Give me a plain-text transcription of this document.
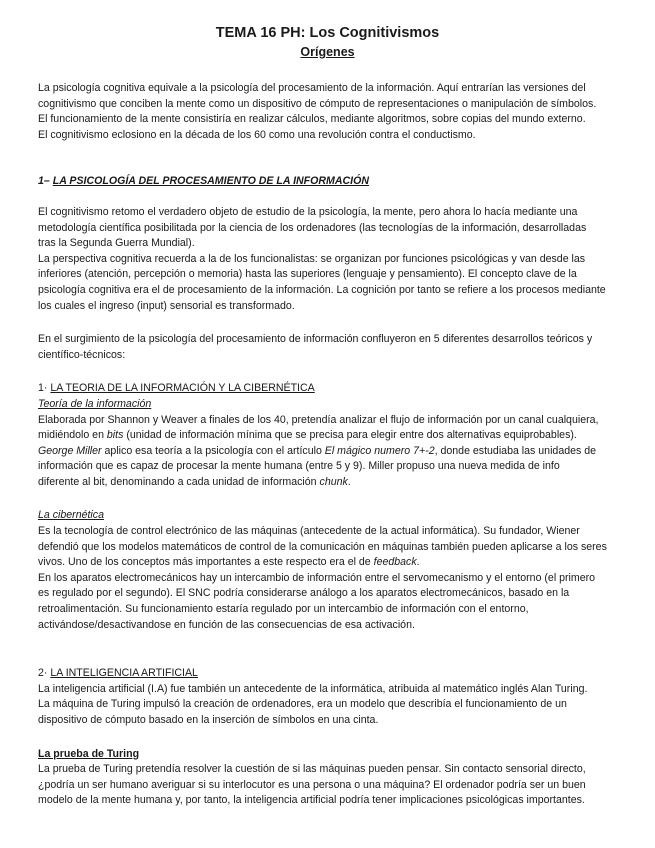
TEMA 16 PH: Los Cognitivismos
Orígenes

La psicología cognitiva equivale a la psicología del procesamiento de la información. Aquí entrarían las versiones del

cognitivismo que conciben la mente como un dispositivo de cómputo de representaciones o manipulación de símbolos.

El funcionamiento de la mente consistiría en realizar cálculos, mediante algoritmos, sobre copias del mundo externo.

El cognitivismo eclosiono en la década de los 60 como una revolución contra el conductismo.

1– LA PSICOLOGÍA DEL PROCESAMIENTO DE LA INFORMACIÓN

El cognitivismo retomo el verdadero objeto de estudio de la psicología, la mente, pero ahora lo hacía mediante una

metodología científica posibilitada por la ciencia de los ordenadores (las tecnologías de la información, desarrolladas

tras la Segunda Guerra Mundial).

La perspectiva cognitiva recuerda a la de los funcionalistas: se organizan por funciones psicológicas y van desde las

inferiores (atención, percepción o memoria) hasta las superiores (lenguaje y pensamiento). El concepto clave de la

psicología cognitiva era el de procesamiento de la información. La cognición por tanto se refiere a los procesos mediante

los cuales el ingreso (input) sensorial es transformado.

En el surgimiento de la psicología del procesamiento de información confluyeron en 5 diferentes desarrollos teóricos y

científico-técnicos:

1· LA TEORIA DE LA INFORMACIÓN Y LA CIBERNÉTICA
Teoría de la información

Elaborada por Shannon y Weaver a finales de los 40, pretendía analizar el flujo de información por un canal cualquiera,

midiéndolo en bits (unidad de información mínima que se precisa para elegir entre dos alternativas equiprobables).

George Miller aplico esa teoría a la psicología con el artículo El mágico numero 7+-2, donde estudiaba las unidades de

información que es capaz de procesar la mente humana (entre 5 y 9). Miller propuso una nueva medida de info

diferente al bit, denominando a cada unidad de información chunk.

La cibernética

Es la tecnología de control electrónico de las máquinas (antecedente de la actual informática). Su fundador, Wiener

defendió que los modelos matemáticos de control de la comunicación en máquinas también pueden aplicarse a los seres

vivos. Uno de los conceptos más importantes a este respecto era el de feedback.

En los aparatos electromecánicos hay un intercambio de información entre el servomecanismo y el entorno (el primero

es regulado por el segundo). El SNC podría considerarse análogo a los aparatos electromecánicos, basado en la

retroalimentación. Su funcionamiento estaría regulado por un intercambio de información con el entorno,

activándose/desactivandose en función de las consecuencias de esa activación.

2· LA INTELIGENCIA ARTIFICIAL

La inteligencia artificial (I.A) fue también un antecedente de la informática, atribuida al matemático inglés Alan Turing.

La máquina de Turing impulsó la creación de ordenadores, era un modelo que describía el funcionamiento de un

dispositivo de cómputo basado en la inserción de símbolos en una cinta.

La prueba de Turing

La prueba de Turing pretendía resolver la cuestión de si las máquinas pueden pensar. Sin contacto sensorial directo,

¿podría un ser humano averiguar si su interlocutor es una persona o una máquina? El ordenador podría ser un buen

modelo de la mente humana y, por tanto, la inteligencia artificial podría tener implicaciones psicológicas importantes.
